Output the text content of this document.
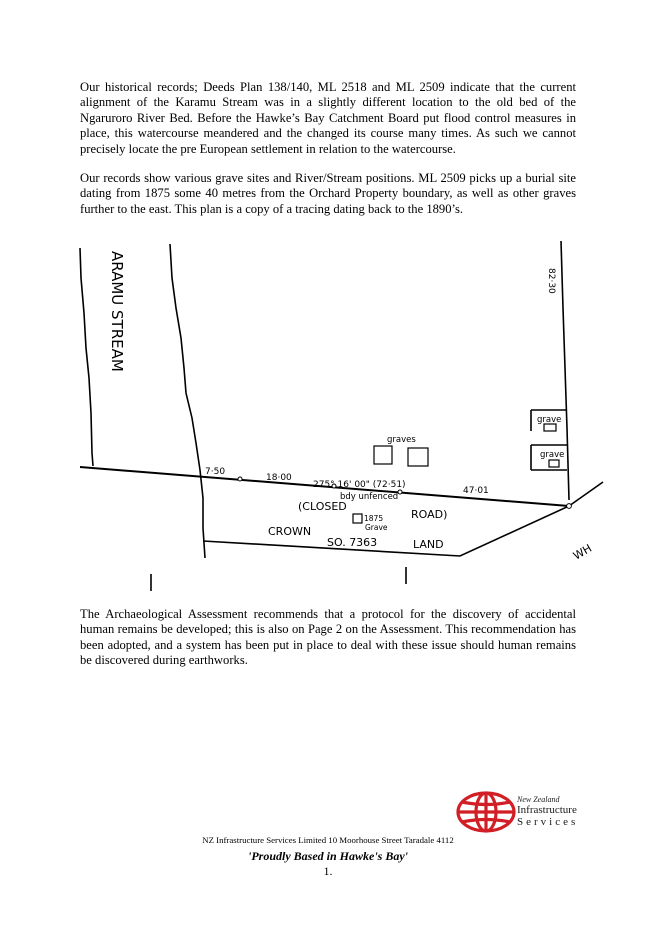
Our historical records; Deeds Plan 138/140, ML 2518 and ML 2509 indicate that the current alignment of the Karamu Stream was in a slightly different location to the old bed of the Ngaruroro River Bed. Before the Hawke’s Bay Catchment Board put flood control measures in place, this watercourse meandered and the changed its course many times. As such we cannot precisely locate the pre European settlement in relation to the watercourse.

Our records show various grave sites and River/Stream positions. ML 2509 picks up a burial site dating from 1875 some 40 metres from the Orchard Property boundary, as well as other graves further to the east. This plan is a copy of a tracing dating back to the 1890’s.

ARAMU STREAM
graves
grave
grave
7·50
18·00
275° 16' 00" (72·51)
47·01
82·30
bdy unfenced
(CLOSED
ROAD)
1875
Grave
CROWN
SO. 7363	LAND	WH

The Archaeological Assessment recommends that a protocol for the discovery of accidental human remains be developed; this is also on Page 2 on the Assessment. This recommendation has been adopted, and a system has been put in place to deal with these issue should human remains be discovered during earthworks.

New Zealand
Infrastructure
Services
NZ Infrastructure Services Limited 10 Moorhouse Street Taradale 4112
'Proudly Based in Hawke's Bay'
1.
